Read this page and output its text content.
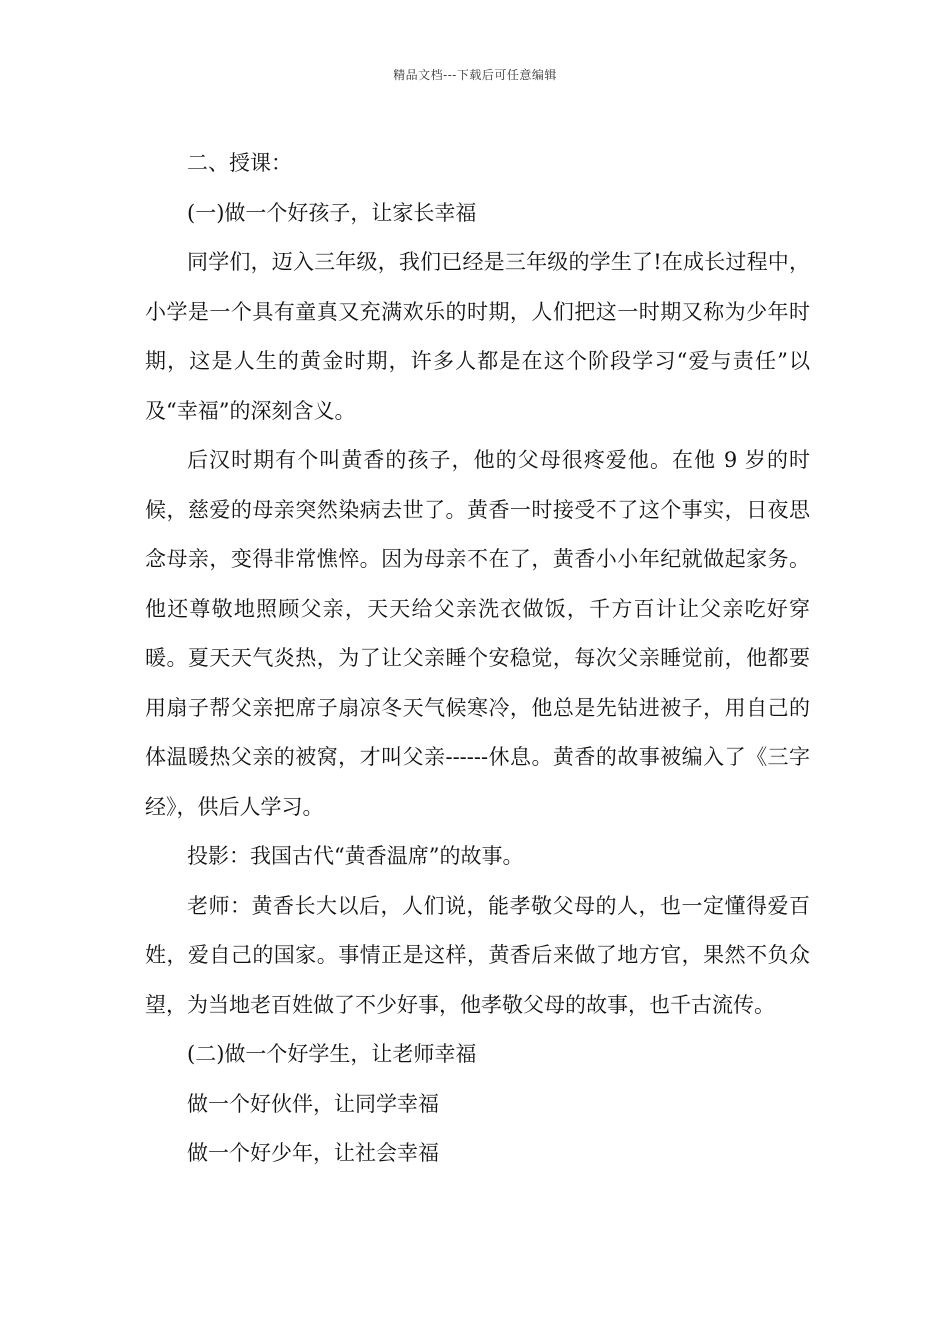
精品文档---下载后可任意编辑

二、授课：

(一)做一个好孩子，让家长幸福

同学们，迈入三年级，我们已经是三年级的学生了!在成长过程中，小学是一个具有童真又充满欢乐的时期，人们把这一时期又称为少年时期，这是人生的黄金时期，许多人都是在这个阶段学习“爱与责任”以及“幸福”的深刻含义。

后汉时期有个叫黄香的孩子，他的父母很疼爱他。在他 9 岁的时候，慈爱的母亲突然染病去世了。黄香一时接受不了这个事实，日夜思念母亲，变得非常憔悴。因为母亲不在了，黄香小小年纪就做起家务。他还尊敬地照顾父亲，天天给父亲洗衣做饭，千方百计让父亲吃好穿暖。夏天天气炎热，为了让父亲睡个安稳觉，每次父亲睡觉前，他都要用扇子帮父亲把席子扇凉冬天气候寒冷，他总是先钻进被子，用自己的体温暖热父亲的被窝，才叫父亲------休息。黄香的故事被编入了《三字经》，供后人学习。

投影：我国古代“黄香温席”的故事。

老师：黄香长大以后，人们说，能孝敬父母的人，也一定懂得爱百姓，爱自己的国家。事情正是这样，黄香后来做了地方官，果然不负众望，为当地老百姓做了不少好事，他孝敬父母的故事，也千古流传。

(二)做一个好学生，让老师幸福

做一个好伙伴，让同学幸福

做一个好少年，让社会幸福
